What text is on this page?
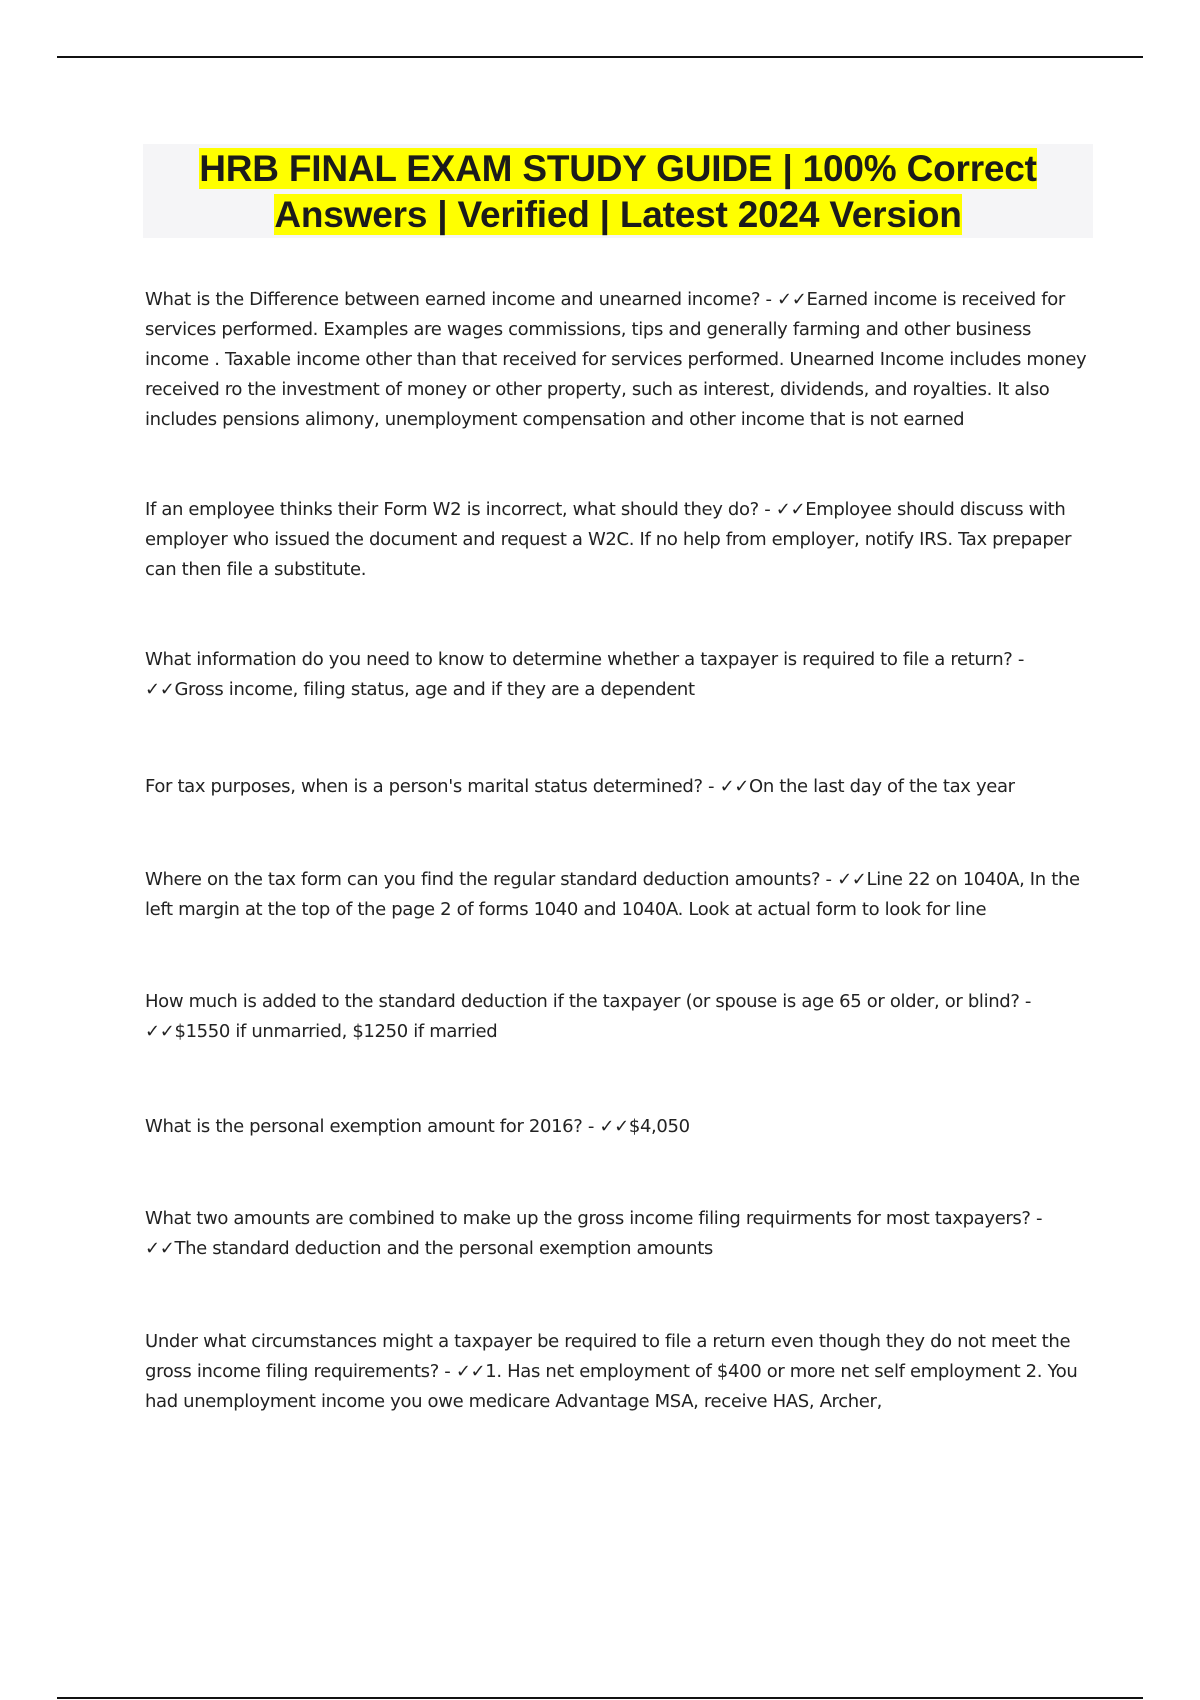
HRB FINAL EXAM STUDY GUIDE | 100% Correct
Answers | Verified | Latest 2024 Version

What is the Difference between earned income and unearned income? - ✓✓Earned income is received for services performed. Examples are wages commissions, tips and generally farming and other business income . Taxable income other than that received for services performed. Unearned Income includes money received ro the investment of money or other property, such as interest, dividends, and royalties. It also includes pensions alimony, unemployment compensation and other income that is not earned

If an employee thinks their Form W2 is incorrect, what should they do? - ✓✓Employee should discuss with employer who issued the document and request a W2C. If no help from employer, notify IRS. Tax prepaper can then file a substitute.

What information do you need to know to determine whether a taxpayer is required to file a return? - ✓✓Gross income, filing status, age and if they are a dependent

For tax purposes, when is a person's marital status determined? - ✓✓On the last day of the tax year

Where on the tax form can you find the regular standard deduction amounts? - ✓✓Line 22 on 1040A, In the left margin at the top of the page 2 of forms 1040 and 1040A. Look at actual form to look for line

How much is added to the standard deduction if the taxpayer (or spouse is age 65 or older, or blind? - ✓✓$1550 if unmarried, $1250 if married

What is the personal exemption amount for 2016? - ✓✓$4,050

What two amounts are combined to make up the gross income filing requirments for most taxpayers? - ✓✓The standard deduction and the personal exemption amounts

Under what circumstances might a taxpayer be required to file a return even though they do not meet the gross income filing requirements? - ✓✓1. Has net employment of $400 or more net self employment 2. You had unemployment income you owe medicare Advantage MSA, receive HAS, Archer,
